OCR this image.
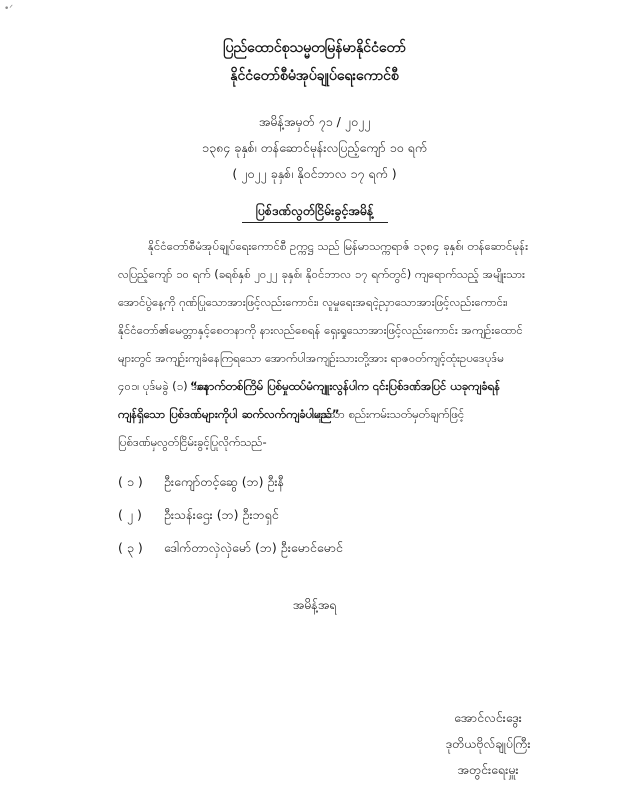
•ᐟ
ပြည်ထောင်စုသမ္မတမြန်မာနိုင်ငံတော်
နိုင်ငံတော်စီမံအုပ်ချုပ်ရေးကောင်စီ
အမိန့်အမှတ် ၇၁ / ၂၀၂၂
၁၃၈၄ ခုနှစ်၊ တန်ဆောင်မုန်းလပြည့်ကျော် ၁၀ ရက်
( ၂၀၂၂ ခုနှစ်၊ နိုဝင်ဘာလ ၁၇ ရက် )
ပြစ်ဒဏ်လွတ်ငြိမ်းခွင့်အမိန့်
နိုင်ငံတော်စီမံအုပ်ချုပ်ရေးကောင်စီ ဥက္ကဋ္ဌ သည် မြန်မာသက္ကရာဇ် ၁၃၈၄ ခုနှစ်၊ တန်ဆောင်မုန်း
လပြည့်ကျော် ၁၀ ရက် (ခရစ်နှစ် ၂၀၂၂ ခုနှစ်၊ နိုဝင်ဘာလ ၁၇ ရက်တွင်) ကျရောက်သည့် အမျိုးသား
အောင်ပွဲနေ့ကို ဂုဏ်ပြုသောအားဖြင့်လည်းကောင်း၊ လူမှုရေးအရငဲ့ညှာသောအားဖြင့်လည်းကောင်း၊
နိုင်ငံတော်၏မေတ္တာနှင့်စေတနာကို နားလည်စေရန် ရှေးရှုသောအားဖြင့်လည်းကောင်း အကျဉ်းထောင်
များတွင် အကျဉ်းကျခံနေကြရသော အောက်ပါအကျဉ်းသားတို့အား ရာဇဝတ်ကျင့်ထုံးဥပဒေပုဒ်မ
၄၀၁၊ ပုဒ်မခွဲ (၁) အရ
“နောက်တစ်ကြိမ် ပြစ်မှုထပ်မံကျူးလွန်ပါက ၎င်းပြစ်ဒဏ်အပြင် ယခုကျခံရန်
ကျန်ရှိသော ပြစ်ဒဏ်များကိုပါ ဆက်လက်ကျခံပါမည်”
ဟူသော စည်းကမ်းသတ်မှတ်ချက်ဖြင့်
ပြစ်ဒဏ်မှလွတ်ငြိမ်းခွင့်ပြုလိုက်သည်-
( ၁ ) ဦးကျော်တင့်ဆွေ (ဘ) ဦးနီ
( ၂ ) ဦးသန်းဌေး (ဘ) ဦးဘရှင်
( ၃ ) ဒေါက်တာလှဲလှဲမော် (ဘ) ဦးမောင်မောင်
အမိန့်အရ
အောင်လင်းဒွေး
ဒုတိယဗိုလ်ချုပ်ကြီး
အတွင်းရေးမှူး
